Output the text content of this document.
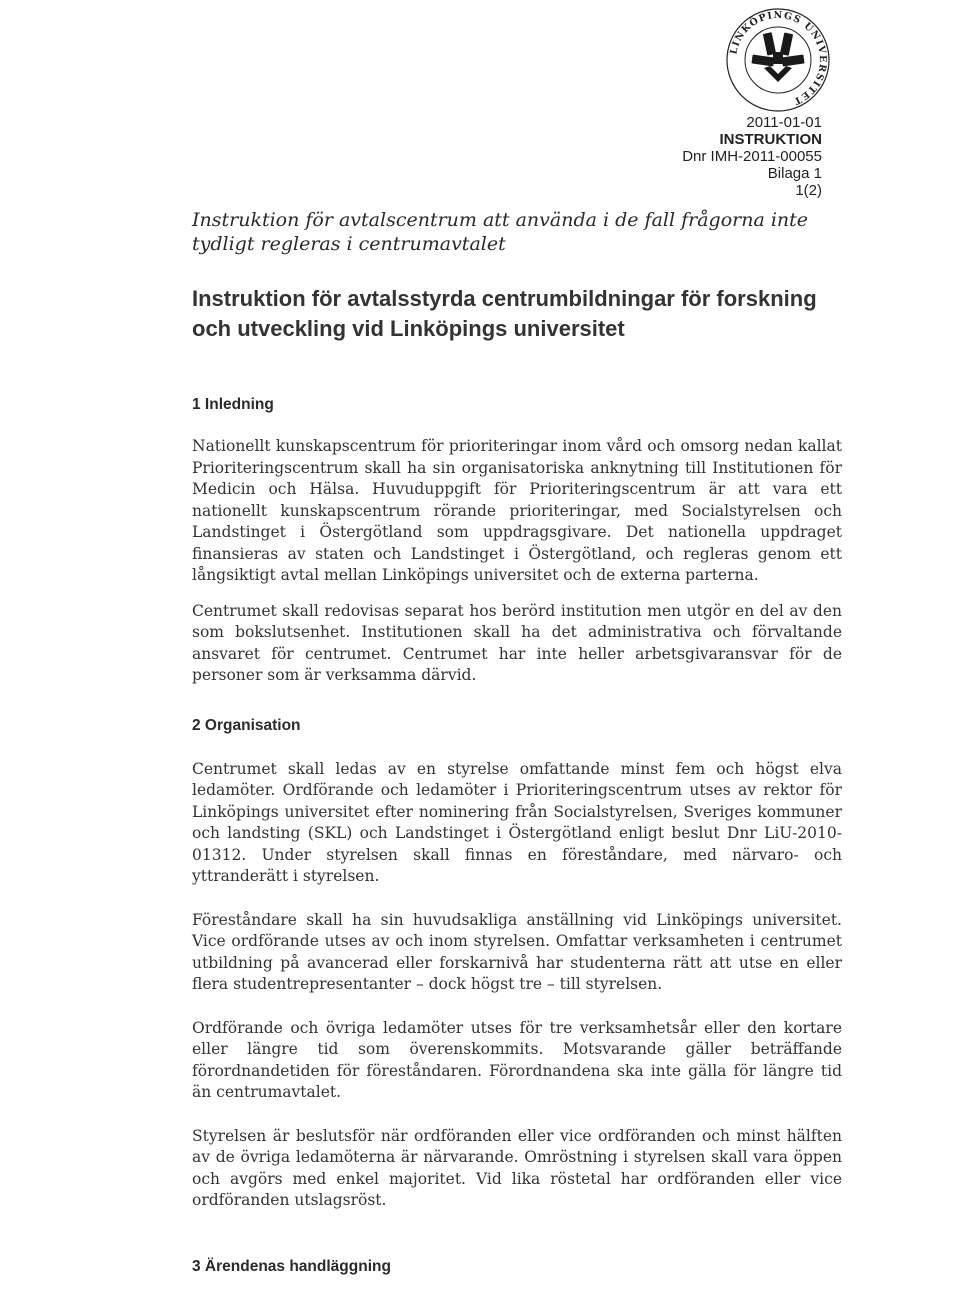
LINKÖPINGS UNIVERSITET
2011-01-01
INSTRUKTION
Dnr IMH-2011-00055
Bilaga 1
1(2)

Instruktion för avtalscentrum att använda i de fall frågorna inte tydligt regleras i centrumavtalet

Instruktion för avtalsstyrda centrumbildningar för forskning och utveckling vid Linköpings universitet
1 Inledning

Nationellt kunskapscentrum för prioriteringar inom vård och omsorg nedan kallat Prioriteringscentrum skall ha sin organisatoriska anknytning till Institutionen för Medicin och Hälsa. Huvuduppgift för Prioriteringscentrum är att vara ett nationellt kunskapscentrum rörande prioriteringar, med Socialstyrelsen och Landstinget i Östergötland som uppdragsgivare. Det nationella uppdraget finansieras av staten och Landstinget i Östergötland, och regleras genom ett långsiktigt avtal mellan Linköpings universitet och de externa parterna.

Centrumet skall redovisas separat hos berörd institution men utgör en del av den som bokslutsenhet. Institutionen skall ha det administrativa och förvaltande ansvaret för centrumet. Centrumet har inte heller arbetsgivaransvar för de personer som är verksamma därvid.

2 Organisation

Centrumet skall ledas av en styrelse omfattande minst fem och högst elva ledamöter. Ordförande och ledamöter i Prioriteringscentrum utses av rektor för Linköpings universitet efter nominering från Socialstyrelsen, Sveriges kommuner och landsting (SKL) och Landstinget i Östergötland enligt beslut Dnr LiU-2010-01312. Under styrelsen skall finnas en föreståndare, med närvaro- och yttranderätt i styrelsen.

Föreståndare skall ha sin huvudsakliga anställning vid Linköpings universitet. Vice ordförande utses av och inom styrelsen. Omfattar verksamheten i centrumet utbildning på avancerad eller forskarnivå har studenterna rätt att utse en eller flera studentrepresentanter – dock högst tre – till styrelsen.

Ordförande och övriga ledamöter utses för tre verksamhetsår eller den kortare eller längre tid som överenskommits. Motsvarande gäller beträffande förordnandetiden för föreståndaren. Förordnandena ska inte gälla för längre tid än centrumavtalet.

Styrelsen är beslutsför när ordföranden eller vice ordföranden och minst hälften av de övriga ledamöterna är närvarande. Omröstning i styrelsen skall vara öppen och avgörs med enkel majoritet. Vid lika röstetal har ordföranden eller vice ordföranden utslagsröst.

3 Ärendenas handläggning
